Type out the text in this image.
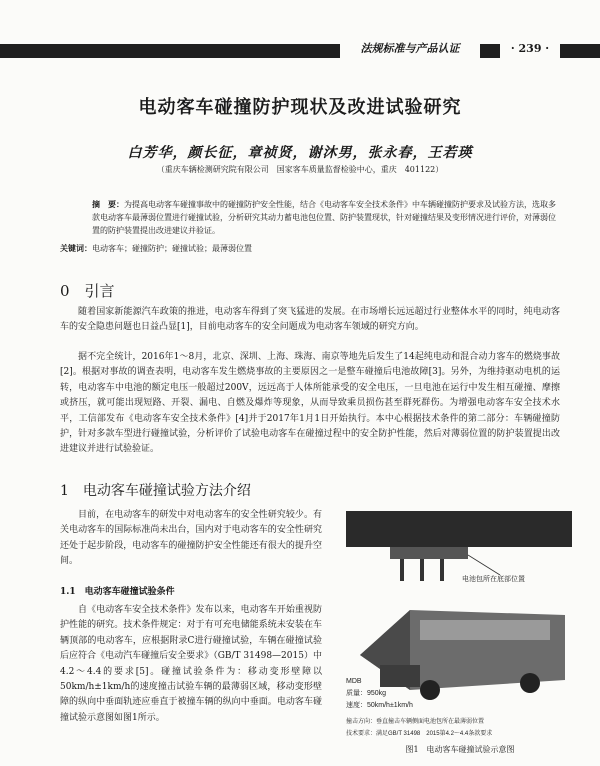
法规标准与产品认证	· 239 ·
电动客车碰撞防护现状及改进试验研究
白芳华，颜长征，章祯贤，谢沐男，张永春，王若瑛
（重庆车辆检测研究院有限公司　国家客车质量监督检验中心，重庆　401122）
摘　要：为提高电动客车碰撞事故中的碰撞防护安全性能，结合《电动客车安全技术条件》中车辆碰撞防护要求及试验方法，选取多款电动客车最薄弱位置进行碰撞试验，分析研究其动力蓄电池包位置、防护装置现状，针对碰撞结果及变形情况进行评价，对薄弱位置的防护装置提出改进建议并验证。
关键词：电动客车；碰撞防护；碰撞试验；最薄弱位置
0　引言
随着国家新能源汽车政策的推进，电动客车得到了突飞猛进的发展。在市场增长远远超过行业整体水平的同时，纯电动客车的安全隐患问题也日益凸显[1]，目前电动客车的安全问题成为电动客车领域的研究方向。
据不完全统计，2016年1～8月，北京、深圳、上海、珠海、南京等地先后发生了14起纯电动和混合动力客车的燃烧事故[2]。根据对事故的调查表明，电动客车发生燃烧事故的主要原因之一是整车碰撞后电池故障[3]。另外，为维持驱动电机的运转，电动客车中电池的额定电压一般超过200V，远远高于人体所能承受的安全电压，一旦电池在运行中发生相互碰撞、摩擦或挤压，就可能出现短路、开裂、漏电、自燃及爆炸等现象，从而导致乘员损伤甚至群死群伤。为增强电动客车安全技术水平，工信部发布《电动客车安全技术条件》[4]并于2017年1月1日开始执行。本中心根据技术条件的第二部分：车辆碰撞防护，针对多款车型进行碰撞试验，分析评价了试验电动客车在碰撞过程中的安全防护性能，然后对薄弱位置的防护装置提出改进建议并进行试验验证。
1　电动客车碰撞试验方法介绍
目前，在电动客车的研发中对电动客车的安全性研究较少。有关电动客车的国际标准尚未出台，国内对于电动客车的安全性研究还处于起步阶段，电动客车的碰撞防护安全性能还有很大的提升空间。
1.1　电动客车碰撞试验条件
自《电动客车安全技术条件》发布以来，电动客车开始重视防护性能的研究。技术条件规定：对于有可充电储能系统未安装在车辆顶部的电动客车，应根据附录C进行碰撞试验，车辆在碰撞试验后应符合《电动汽车碰撞后安全要求》（GB/T 31498—2015）中4.2～4.4的要求[5]。碰撞试验条件为：移动变形壁障以50km/h±1km/h的速度撞击试验车辆的最薄弱区域，移动变形壁障的纵向中垂面轨迹应垂直于被撞车辆的纵向中垂面。电动客车碰撞试验示意图如图1所示。
电池包所在底部位置
MDB
质量：950kg
速度：50km/h±1km/h
撞击方向：垂直撞击车辆侧面电池包所在最薄弱位置
技术要求：满足GB/T 31498　2015第4.2～4.4条款要求
图1　电动客车碰撞试验示意图
